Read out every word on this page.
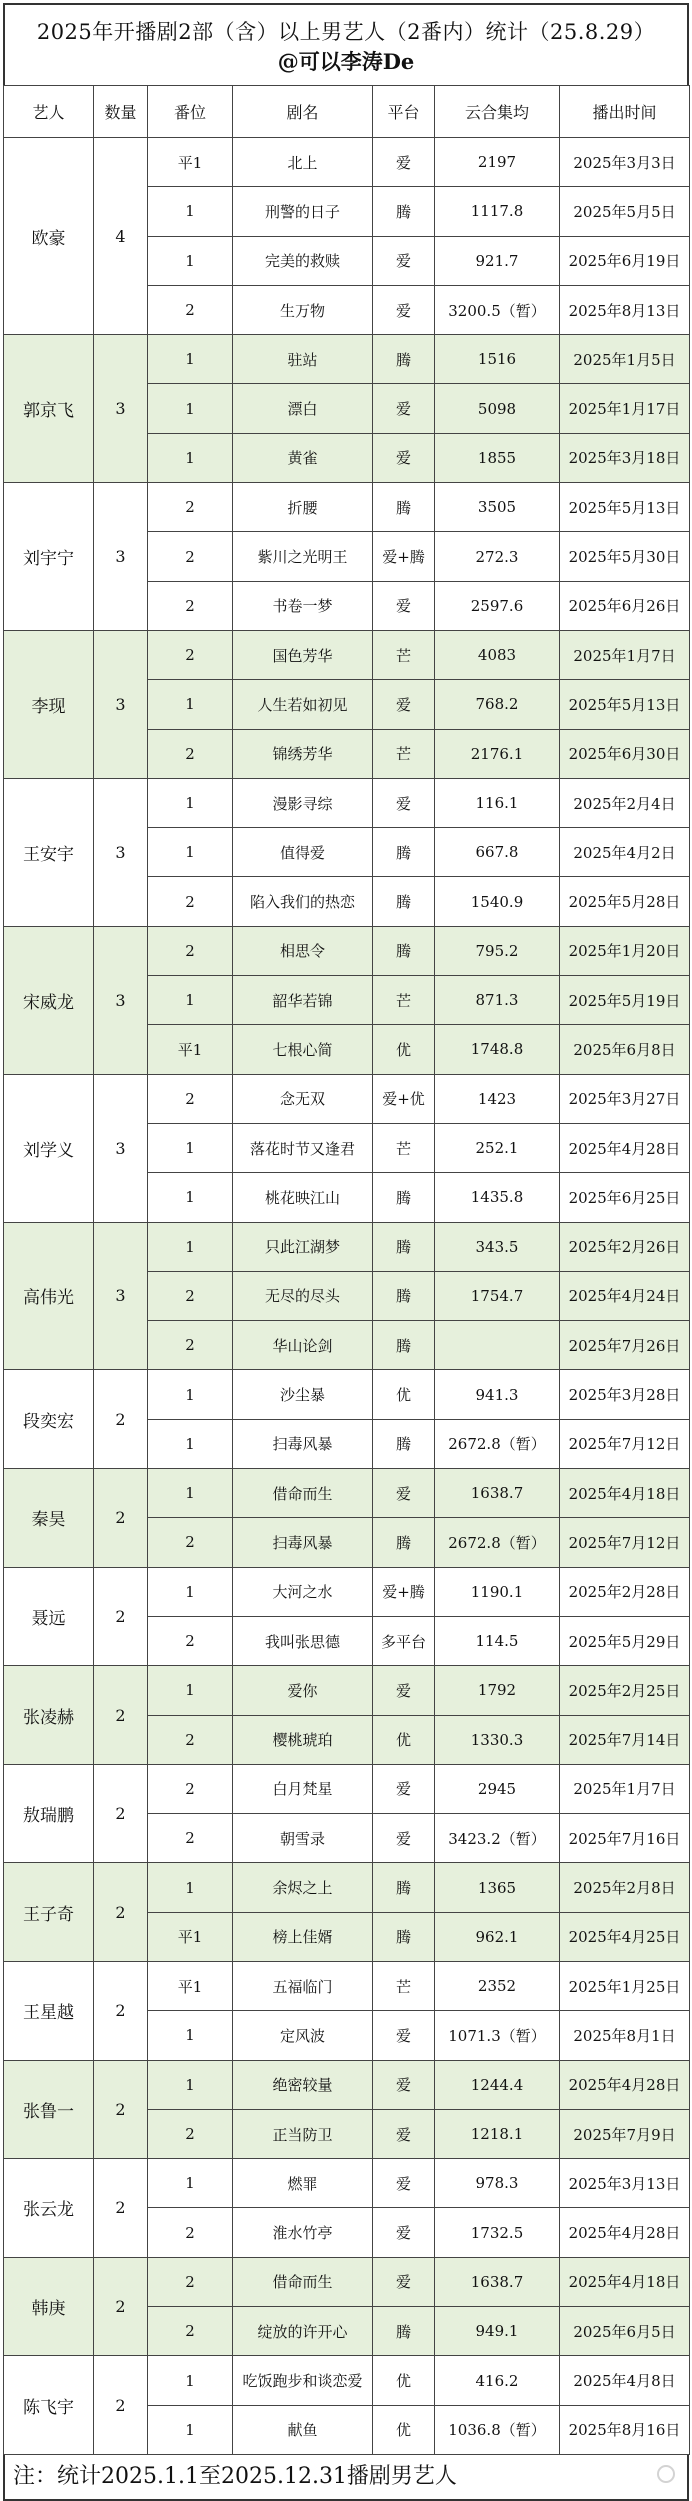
2025年开播剧2部（含）以上男艺人（2番内）统计（25.8.29）
@可以李涛De
艺人	数量	番位	剧名	平台	云合集均	播出时间
欧豪	4	平1	北上	爱	2197	2025年3月3日
		1	刑警的日子	腾	1117.8	2025年5月5日
		1	完美的救赎	爱	921.7	2025年6月19日
		2	生万物	爱	3200.5（暂）	2025年8月13日
郭京飞	3	1	驻站	腾	1516	2025年1月5日
		1	漂白	爱	5098	2025年1月17日
		1	黄雀	爱	1855	2025年3月18日
刘宇宁	3	2	折腰	腾	3505	2025年5月13日
		2	紫川之光明王	爱+腾	272.3	2025年5月30日
		2	书卷一梦	爱	2597.6	2025年6月26日
李现	3	2	国色芳华	芒	4083	2025年1月7日
		1	人生若如初见	爱	768.2	2025年5月13日
		2	锦绣芳华	芒	2176.1	2025年6月30日
王安宇	3	1	漫影寻综	爱	116.1	2025年2月4日
		1	值得爱	腾	667.8	2025年4月2日
		2	陷入我们的热恋	腾	1540.9	2025年5月28日
宋威龙	3	2	相思令	腾	795.2	2025年1月20日
		1	韶华若锦	芒	871.3	2025年5月19日
		平1	七根心简	优	1748.8	2025年6月8日
刘学义	3	2	念无双	爱+优	1423	2025年3月27日
		1	落花时节又逢君	芒	252.1	2025年4月28日
		1	桃花映江山	腾	1435.8	2025年6月25日
高伟光	3	1	只此江湖梦	腾	343.5	2025年2月26日
		2	无尽的尽头	腾	1754.7	2025年4月24日
		2	华山论剑	腾		2025年7月26日
段奕宏	2	1	沙尘暴	优	941.3	2025年3月28日
		1	扫毒风暴	腾	2672.8（暂）	2025年7月12日
秦昊	2	1	借命而生	爱	1638.7	2025年4月18日
		2	扫毒风暴	腾	2672.8（暂）	2025年7月12日
聂远	2	1	大河之水	爱+腾	1190.1	2025年2月28日
		2	我叫张思德	多平台	114.5	2025年5月29日
张凌赫	2	1	爱你	爱	1792	2025年2月25日
		2	樱桃琥珀	优	1330.3	2025年7月14日
敖瑞鹏	2	2	白月梵星	爱	2945	2025年1月7日
		2	朝雪录	爱	3423.2（暂）	2025年7月16日
王子奇	2	1	余烬之上	腾	1365	2025年2月8日
		平1	榜上佳婿	腾	962.1	2025年4月25日
王星越	2	平1	五福临门	芒	2352	2025年1月25日
		1	定风波	爱	1071.3（暂）	2025年8月1日
张鲁一	2	1	绝密较量	爱	1244.4	2025年4月28日
		2	正当防卫	爱	1218.1	2025年7月9日
张云龙	2	1	燃罪	爱	978.3	2025年3月13日
		2	淮水竹亭	爱	1732.5	2025年4月28日
韩庚	2	2	借命而生	爱	1638.7	2025年4月18日
		2	绽放的许开心	腾	949.1	2025年6月5日
陈飞宇	2	1	吃饭跑步和谈恋爱	优	416.2	2025年4月8日
		1	献鱼	优	1036.8（暂）	2025年8月16日
注：统计2025.1.1至2025.12.31播剧男艺人
